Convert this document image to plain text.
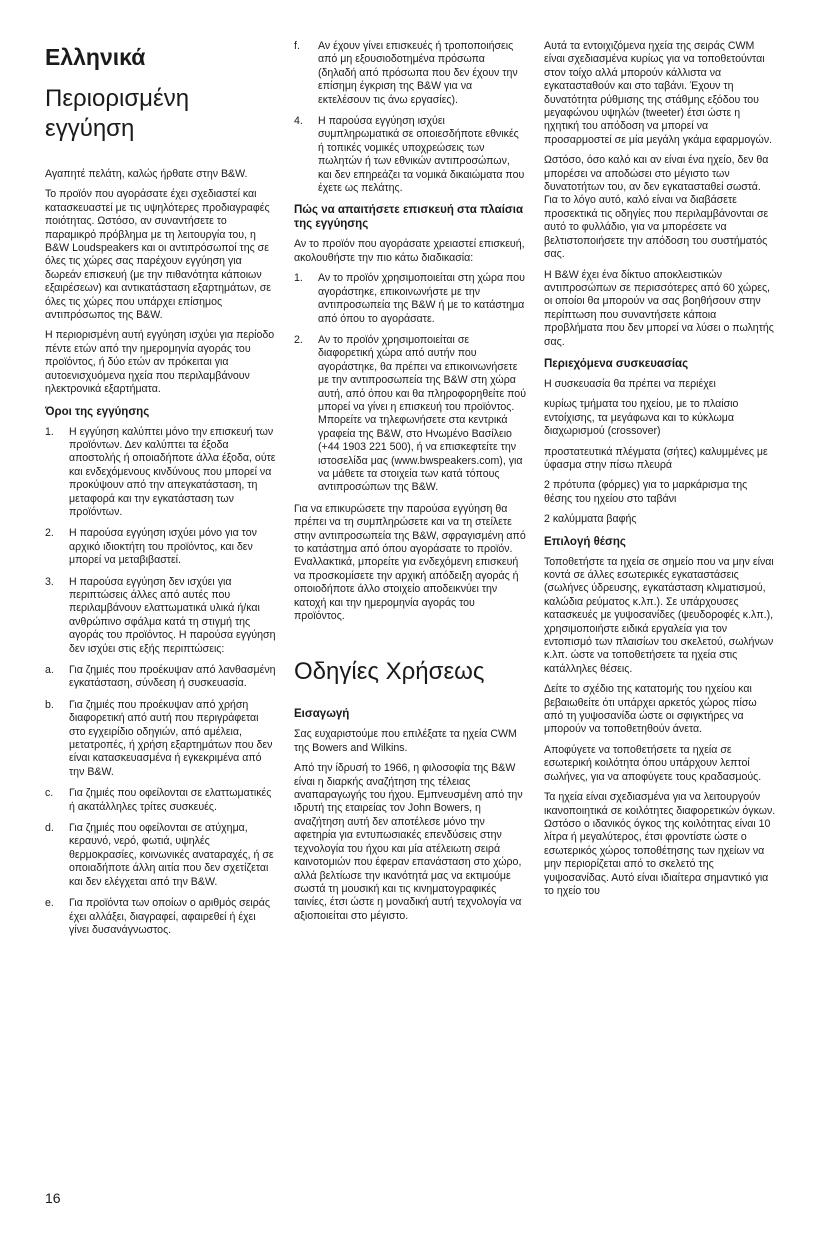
Ελληνικά
Περιορισμένη εγγύηση

Αγαπητέ πελάτη, καλώς ήρθατε στην B&W.

Το προϊόν που αγοράσατε έχει σχεδιαστεί και κατασκευαστεί με τις υψηλότερες προδιαγραφές ποιότητας. Ωστόσο, αν συναντήσετε το παραμικρό πρόβλημα με τη λειτουργία του, η B&W Loudspeakers και οι αντιπρόσωποί της σε όλες τις χώρες σας παρέχουν εγγύηση για δωρεάν επισκευή (με την πιθανότητα κάποιων εξαιρέσεων) και αντικατάσταση εξαρτημάτων, σε όλες τις χώρες που υπάρχει επίσημος αντιπρόσωπος της B&W.

Η περιορισμένη αυτή εγγύηση ισχύει για περίοδο πέντε ετών από την ημερομηνία αγοράς του προϊόντος, ή δύο ετών αν πρόκειται για αυτοενισχυόμενα ηχεία που περιλαμβάνουν ηλεκτρονικά εξαρτήματα.

Όροι της εγγύησης
1. Η εγγύηση καλύπτει μόνο την επισκευή των προϊόντων. Δεν καλύπτει τα έξοδα αποστολής ή οποιαδήποτε άλλα έξοδα, ούτε και ενδεχόμενους κινδύνους που μπορεί να προκύψουν από την απεγκατάσταση, τη μεταφορά και την εγκατάσταση των προϊόντων.
2. Η παρούσα εγγύηση ισχύει μόνο για τον αρχικό ιδιοκτήτη του προϊόντος, και δεν μπορεί να μεταβιβαστεί.
3. Η παρούσα εγγύηση δεν ισχύει για περιπτώσεις άλλες από αυτές που περιλαμβάνουν ελαττωματικά υλικά ή/και ανθρώπινο σφάλμα κατά τη στιγμή της αγοράς του προϊόντος. Η παρούσα εγγύηση δεν ισχύει στις εξής περιπτώσεις:
a. Για ζημιές που προέκυψαν από λανθασμένη εγκατάσταση, σύνδεση ή συσκευασία.
b. Για ζημιές που προέκυψαν από χρήση διαφορετική από αυτή που περιγράφεται στο εγχειρίδιο οδηγιών, από αμέλεια, μετατροπές, ή χρήση εξαρτημάτων που δεν είναι κατασκευασμένα ή εγκεκριμένα από την B&W.
c. Για ζημιές που οφείλονται σε ελαττωματικές ή ακατάλληλες τρίτες συσκευές.
d. Για ζημιές που οφείλονται σε ατύχημα, κεραυνό, νερό, φωτιά, υψηλές θερμοκρασίες, κοινωνικές αναταραχές, ή σε οποιαδήποτε άλλη αιτία που δεν σχετίζεται και δεν ελέγχεται από την B&W.
e. Για προϊόντα των οποίων ο αριθμός σειράς έχει αλλάξει, διαγραφεί, αφαιρεθεί ή έχει γίνει δυσανάγνωστος.
f. Αν έχουν γίνει επισκευές ή τροποποιήσεις από μη εξουσιοδοτημένα πρόσωπα (δηλαδή από πρόσωπα που δεν έχουν την επίσημη έγκριση της B&W για να εκτελέσουν τις άνω εργασίες).
4. Η παρούσα εγγύηση ισχύει συμπληρωματικά σε οποιεσδήποτε εθνικές ή τοπικές νομικές υποχρεώσεις των πωλητών ή των εθνικών αντιπροσώπων, και δεν επηρεάζει τα νομικά δικαιώματα που έχετε ως πελάτης.
Πώς να απαιτήσετε επισκευή στα πλαίσια της εγγύησης

Αν το προϊόν που αγοράσατε χρειαστεί επισκευή, ακολουθήστε την πιο κάτω διαδικασία:

1. Αν το προϊόν χρησιμοποιείται στη χώρα που αγοράστηκε, επικοινωνήστε με την αντιπροσωπεία της B&W ή με το κατάστημα από όπου το αγοράσατε.
2. Αν το προϊόν χρησιμοποιείται σε διαφορετική χώρα από αυτήν που αγοράστηκε, θα πρέπει να επικοινωνήσετε με την αντιπροσωπεία της B&W στη χώρα αυτή, από όπου και θα πληροφορηθείτε πού μπορεί να γίνει η επισκευή του προϊόντος. Μπορείτε να τηλεφωνήσετε στα κεντρικά γραφεία της B&W, στο Ηνωμένο Βασίλειο (+44 1903 221 500), ή να επισκεφτείτε την ιστοσελίδα μας (www.bwspeakers.com), για να μάθετε τα στοιχεία των κατά τόπους αντιπροσώπων της B&W.

Για να επικυρώσετε την παρούσα εγγύηση θα πρέπει να τη συμπληρώσετε και να τη στείλετε στην αντιπροσωπεία της B&W, σφραγισμένη από το κατάστημα από όπου αγοράσατε το προϊόν. Εναλλακτικά, μπορείτε για ενδεχόμενη επισκευή να προσκομίσετε την αρχική απόδειξη αγοράς ή οποιοδήποτε άλλο στοιχείο αποδεικνύει την κατοχή και την ημερομηνία αγοράς του προϊόντος.

Οδηγίες Χρήσεως
Εισαγωγή

Σας ευχαριστούμε που επιλέξατε τα ηχεία CWM της Bowers and Wilkins.

Από την ίδρυσή το 1966, η φιλοσοφία της B&W είναι η διαρκής αναζήτηση της τέλειας αναπαραγωγής του ήχου. Εμπνευσμένη από την ιδρυτή της εταιρείας τον John Bowers, η αναζήτηση αυτή δεν αποτέλεσε μόνο την αφετηρία για εντυπωσιακές επενδύσεις στην τεχνολογία του ήχου και μία ατέλειωτη σειρά καινοτομιών που έφεραν επανάσταση στο χώρο, αλλά βελτίωσε την ικανότητά μας να εκτιμούμε σωστά τη μουσική και τις κινηματογραφικές ταινίες, έτσι ώστε η μοναδική αυτή τεχνολογία να αξιοποιείται στο μέγιστο.

Αυτά τα εντοιχιζόμενα ηχεία της σειράς CWM είναι σχεδιασμένα κυρίως για να τοποθετούνται στον τοίχο αλλά μπορούν κάλλιστα να εγκατασταθούν και στο ταβάνι. Έχουν τη δυνατότητα ρύθμισης της στάθμης εξόδου του μεγαφώνου υψηλών (tweeter) έτσι ώστε η ηχητική του απόδοση να μπορεί να προσαρμοστεί σε μία μεγάλη γκάμα εφαρμογών.

Ωστόσο, όσο καλό και αν είναι ένα ηχείο, δεν θα μπορέσει να αποδώσει στο μέγιστο των δυνατοτήτων του, αν δεν εγκατασταθεί σωστά. Για το λόγο αυτό, καλό είναι να διαβάσετε προσεκτικά τις οδηγίες που περιλαμβάνονται σε αυτό το φυλλάδιο, για να μπορέσετε να βελτιστοποιήσετε την απόδοση του συστήματός σας.

Η B&W έχει ένα δίκτυο αποκλειστικών αντιπροσώπων σε περισσότερες από 60 χώρες, οι οποίοι θα μπορούν να σας βοηθήσουν στην περίπτωση που συναντήσετε κάποια προβλήματα που δεν μπορεί να λύσει ο πωλητής σας.

Περιεχόμενα συσκευασίας

Η συσκευασία θα πρέπει να περιέχει

κυρίως τμήματα του ηχείου, με το πλαίσιο εντοίχισης, τα μεγάφωνα και το κύκλωμα διαχωρισμού (crossover)

προστατευτικά πλέγματα (σήτες) καλυμμένες με ύφασμα στην πίσω πλευρά

2 πρότυπα (φόρμες) για το μαρκάρισμα της θέσης του ηχείου στο ταβάνι

2 καλύμματα βαφής

Επιλογή θέσης

Τοποθετήστε τα ηχεία σε σημείο που να μην είναι κοντά σε άλλες εσωτερικές εγκαταστάσεις (σωλήνες ύδρευσης, εγκατάσταση κλιματισμού, καλώδια ρεύματος κ.λπ.). Σε υπάρχουσες κατασκευές με γυψοσανίδες (ψευδοροφές κ.λπ.), χρησιμοποιήστε ειδικά εργαλεία για τον εντοπισμό των πλαισίων του σκελετού, σωλήνων κ.λπ. ώστε να τοποθετήσετε τα ηχεία στις κατάλληλες θέσεις.

Δείτε το σχέδιο της κατατομής του ηχείου και βεβαιωθείτε ότι υπάρχει αρκετός χώρος πίσω από τη γυψοσανίδα ώστε οι σφιγκτήρες να μπορούν να τοποθετηθούν άνετα.

Αποφύγετε να τοποθετήσετε τα ηχεία σε εσωτερική κοιλότητα όπου υπάρχουν λεπτοί σωλήνες, για να αποφύγετε τους κραδασμούς.

Τα ηχεία είναι σχεδιασμένα για να λειτουργούν ικανοποιητικά σε κοιλότητες διαφορετικών όγκων. Ωστόσο ο ιδανικός όγκος της κοιλότητας είναι 10 λίτρα ή μεγαλύτερος, έτσι φροντίστε ώστε ο εσωτερικός χώρος τοποθέτησης των ηχείων να μην περιορίζεται από το σκελετό της γυψοσανίδας. Αυτό είναι ιδιαίτερα σημαντικό για το ηχείο του

16
